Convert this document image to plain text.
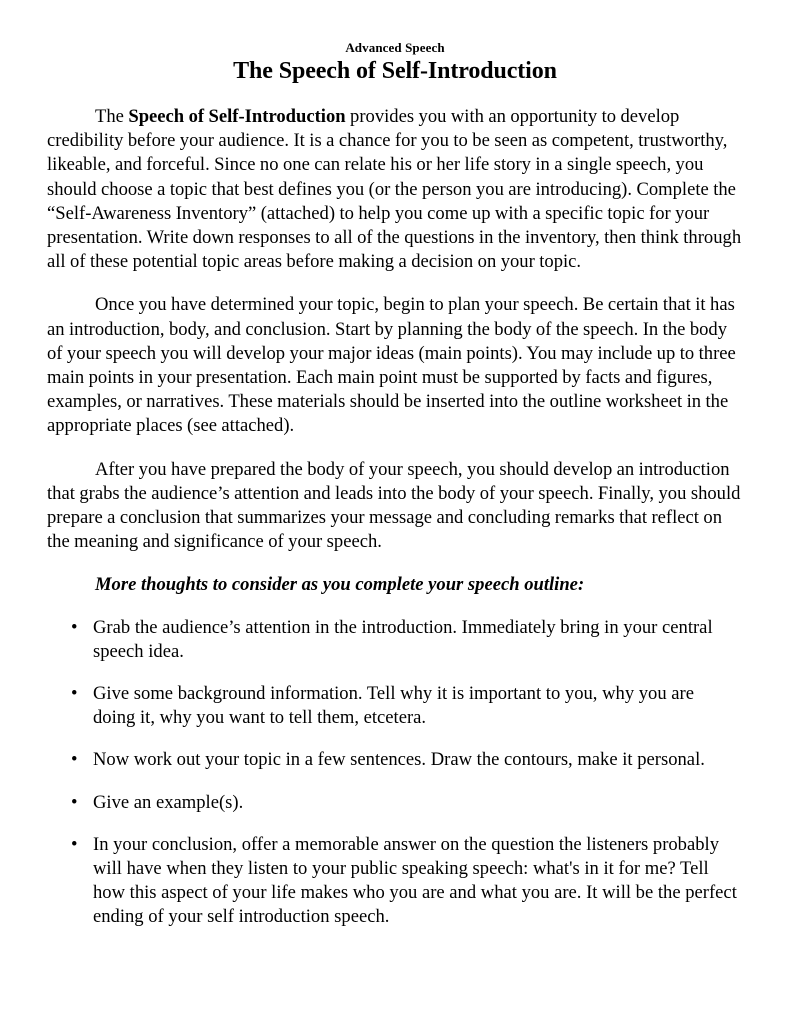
Advanced Speech
The Speech of Self-Introduction

The Speech of Self-Introduction provides you with an opportunity to develop credibility before your audience. It is a chance for you to be seen as competent, trustworthy, likeable, and forceful. Since no one can relate his or her life story in a single speech, you should choose a topic that best defines you (or the person you are introducing). Complete the “Self-Awareness Inventory” (attached) to help you come up with a specific topic for your presentation. Write down responses to all of the questions in the inventory, then think through all of these potential topic areas before making a decision on your topic.

Once you have determined your topic, begin to plan your speech. Be certain that it has an introduction, body, and conclusion. Start by planning the body of the speech. In the body of your speech you will develop your major ideas (main points). You may include up to three main points in your presentation. Each main point must be supported by facts and figures, examples, or narratives. These materials should be inserted into the outline worksheet in the appropriate places (see attached).

After you have prepared the body of your speech, you should develop an introduction that grabs the audience’s attention and leads into the body of your speech. Finally, you should prepare a conclusion that summarizes your message and concluding remarks that reflect on the meaning and significance of your speech.

More thoughts to consider as you complete your speech outline:
• Grab the audience’s attention in the introduction. Immediately bring in your central speech idea.
• Give some background information. Tell why it is important to you, why you are doing it, why you want to tell them, etcetera.
• Now work out your topic in a few sentences. Draw the contours, make it personal.
• Give an example(s).
• In your conclusion, offer a memorable answer on the question the listeners probably will have when they listen to your public speaking speech: what's in it for me? Tell how this aspect of your life makes who you are and what you are. It will be the perfect ending of your self introduction speech.
